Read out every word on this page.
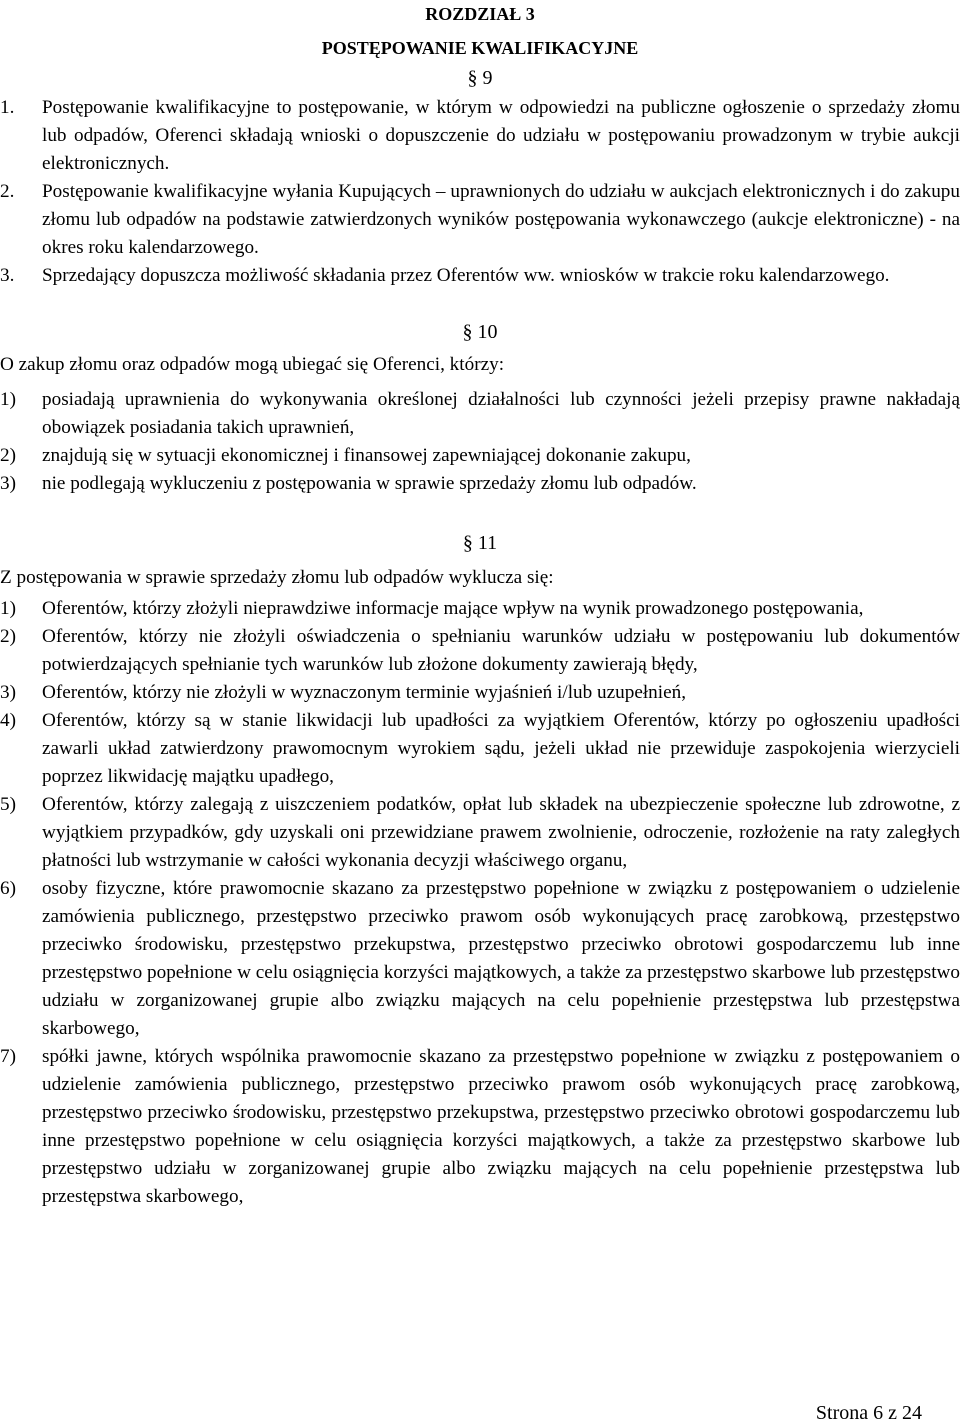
ROZDZIAŁ 3
POSTĘPOWANIE KWALIFIKACYJNE
§ 9
1.	Postępowanie kwalifikacyjne to postępowanie, w którym w odpowiedzi na publiczne ogłoszenie o sprzedaży złomu lub odpadów, Oferenci składają wnioski o dopuszczenie do udziału w postępowaniu prowadzonym w trybie aukcji elektronicznych.
2.	Postępowanie kwalifikacyjne wyłania Kupujących – uprawnionych do udziału w aukcjach elektronicznych i do zakupu złomu lub odpadów na podstawie zatwierdzonych wyników postępowania wykonawczego (aukcje elektroniczne) - na okres roku kalendarzowego.
3.	Sprzedający dopuszcza możliwość składania przez Oferentów ww. wniosków w trakcie roku kalendarzowego.
§ 10
O zakup złomu oraz odpadów mogą ubiegać się Oferenci, którzy:
1)	posiadają uprawnienia do wykonywania określonej działalności lub czynności jeżeli przepisy prawne nakładają obowiązek posiadania takich uprawnień,
2)	znajdują się w sytuacji ekonomicznej i finansowej zapewniającej dokonanie zakupu,
3)	nie podlegają wykluczeniu z postępowania w sprawie sprzedaży złomu lub odpadów.
§ 11
Z postępowania w sprawie sprzedaży złomu lub odpadów wyklucza się:
1)	Oferentów, którzy złożyli nieprawdziwe informacje mające wpływ na wynik prowadzonego postępowania,
2)	Oferentów, którzy nie złożyli oświadczenia o spełnianiu warunków udziału w postępowaniu lub dokumentów potwierdzających spełnianie tych warunków lub złożone dokumenty zawierają błędy,
3)	Oferentów, którzy nie złożyli w wyznaczonym terminie wyjaśnień i/lub uzupełnień,
4)	Oferentów, którzy są w stanie likwidacji lub upadłości za wyjątkiem Oferentów, którzy po ogłoszeniu upadłości zawarli układ zatwierdzony prawomocnym wyrokiem sądu, jeżeli układ nie przewiduje zaspokojenia wierzycieli poprzez likwidację majątku upadłego,
5)	Oferentów, którzy zalegają z uiszczeniem podatków, opłat lub składek na ubezpieczenie społeczne lub zdrowotne, z wyjątkiem przypadków, gdy uzyskali oni przewidziane prawem zwolnienie, odroczenie, rozłożenie na raty zaległych płatności lub wstrzymanie w całości wykonania decyzji właściwego organu,
6)	osoby fizyczne, które prawomocnie skazano za przestępstwo popełnione w związku z postępowaniem o udzielenie zamówienia publicznego, przestępstwo przeciwko prawom osób wykonujących pracę zarobkową, przestępstwo przeciwko środowisku, przestępstwo przekupstwa, przestępstwo przeciwko obrotowi gospodarczemu lub inne przestępstwo popełnione w celu osiągnięcia korzyści majątkowych, a także za przestępstwo skarbowe lub przestępstwo udziału w zorganizowanej grupie albo związku mających na celu popełnienie przestępstwa lub przestępstwa skarbowego,
7)	spółki jawne, których wspólnika prawomocnie skazano za przestępstwo popełnione w związku z postępowaniem o udzielenie zamówienia publicznego, przestępstwo przeciwko prawom osób wykonujących pracę zarobkową, przestępstwo przeciwko środowisku, przestępstwo przekupstwa, przestępstwo przeciwko obrotowi gospodarczemu lub inne przestępstwo popełnione w celu osiągnięcia korzyści majątkowych, a także za przestępstwo skarbowe lub przestępstwo udziału w zorganizowanej grupie albo związku mających na celu popełnienie przestępstwa lub przestępstwa skarbowego,
Strona 6 z 24
